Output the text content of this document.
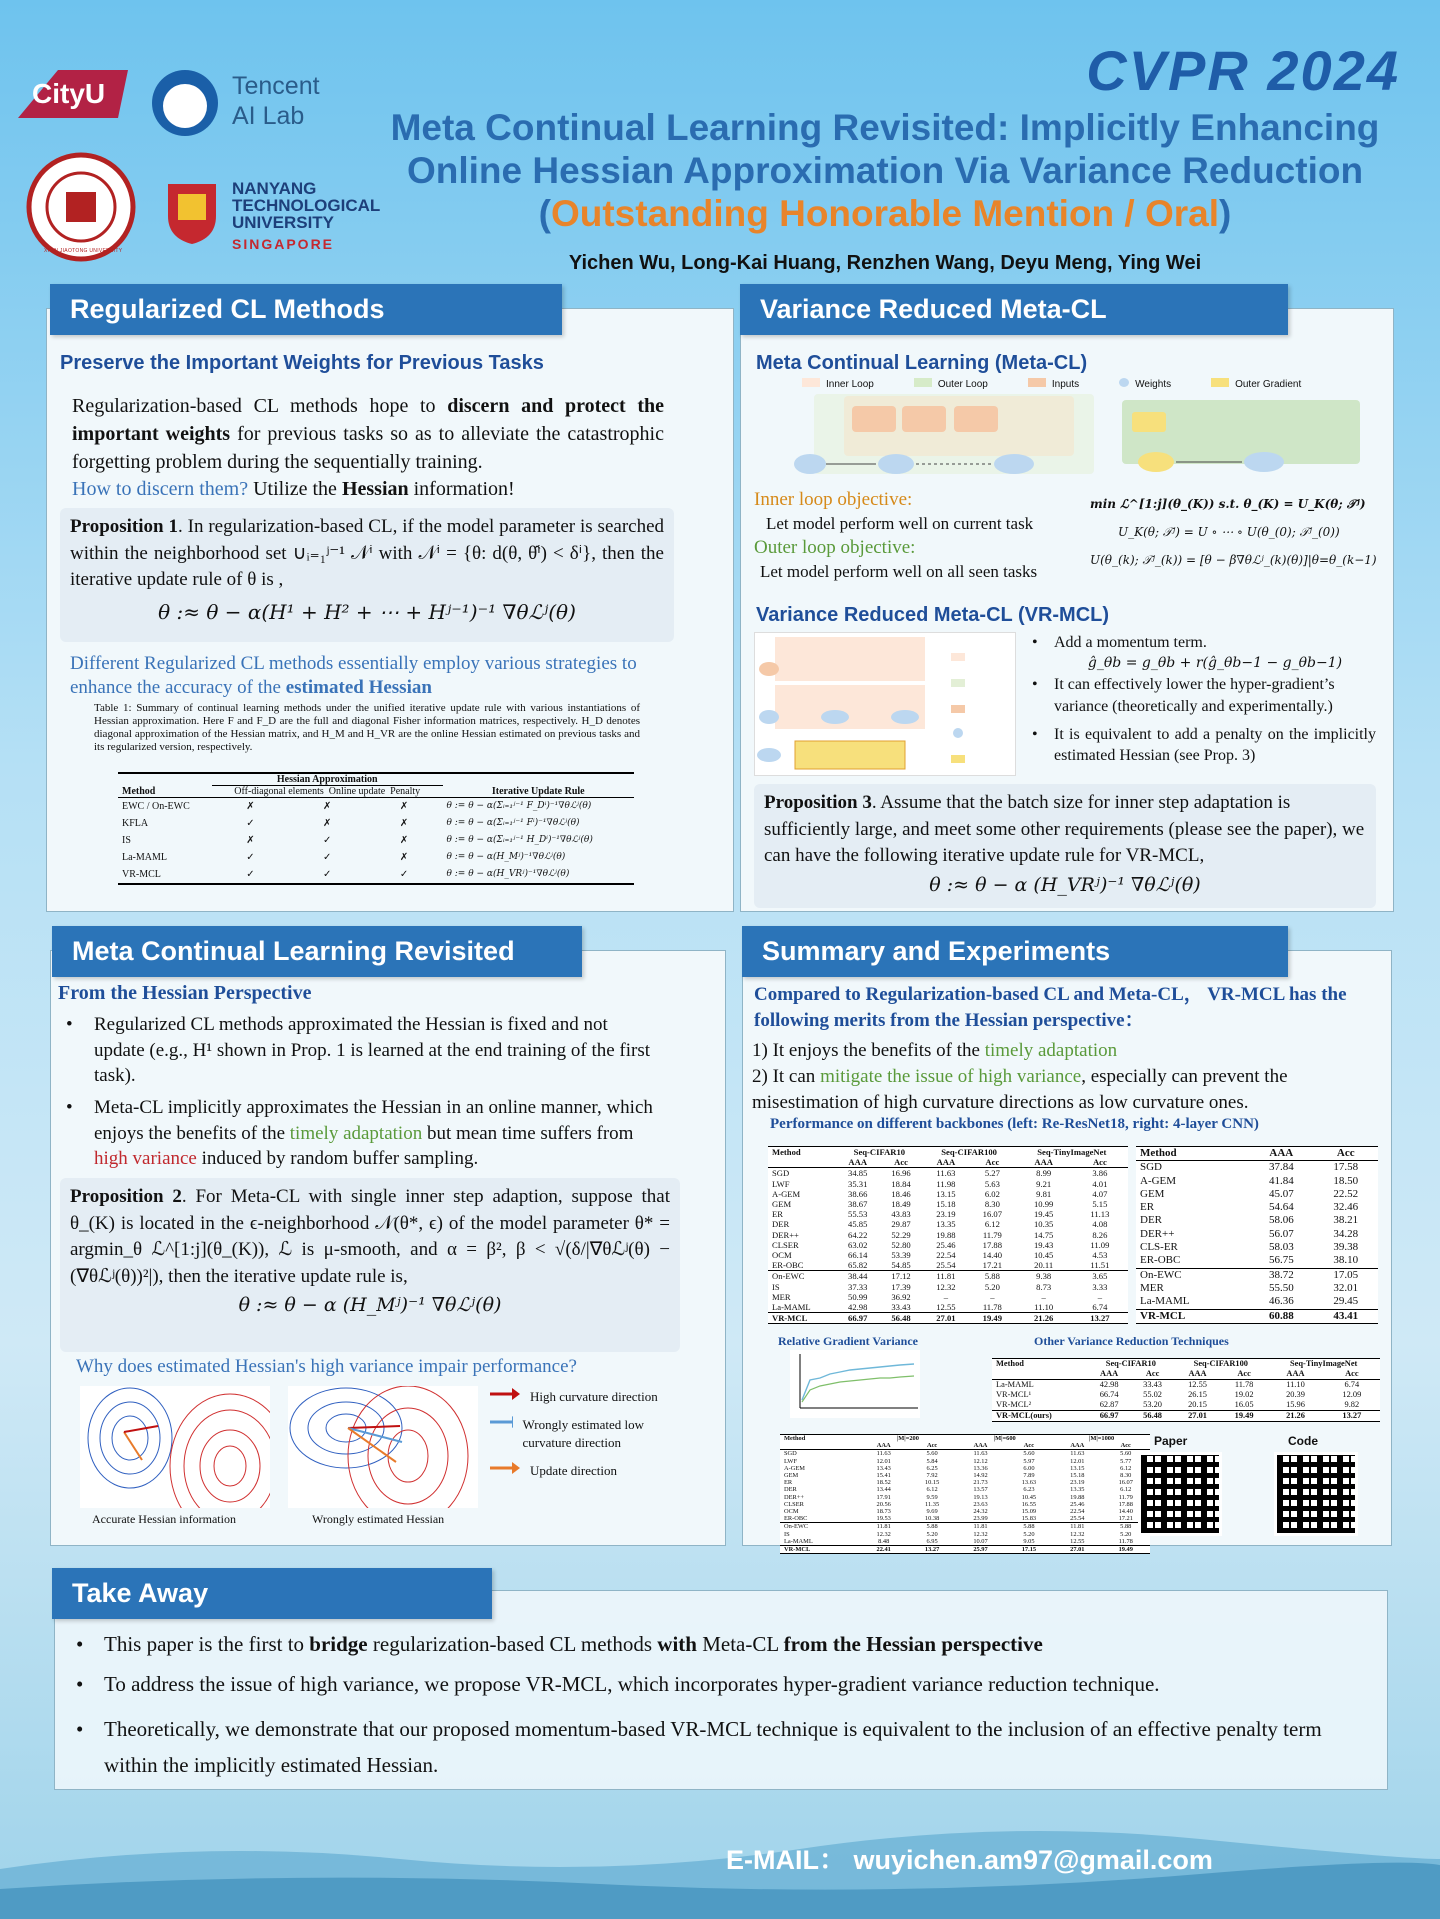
CityU	Tencent
AI Lab
XI'AN JIAOTONG UNIVERSITY
NANYANG
TECHNOLOGICAL
UNIVERSITY
SINGAPORE
CVPR 2024
Meta Continual Learning Revisited: Implicitly Enhancing
Online Hessian Approximation Via Variance Reduction
(Outstanding Honorable Mention / Oral)
Yichen Wu, Long-Kai Huang, Renzhen Wang, Deyu Meng, Ying Wei
Regularized CL Methods
Preserve the Important Weights for Previous Tasks
Regularization-based CL methods hope to discern and protect the important weights for previous tasks so as to alleviate the catastrophic forgetting problem during the sequentially training.
How to discern them? Utilize the Hessian information!
Proposition 1. In regularization-based CL, if the model parameter is searched within the neighborhood set ∪ᵢ₌₁ʲ⁻¹ 𝒩ⁱ with 𝒩ⁱ = {θ: d(θ, θ̂ⁱ) < δⁱ}, then the iterative update rule of θ is ,
θ :≈ θ − α(H¹ + H² + ⋯ + Hʲ⁻¹)⁻¹ ∇θℒʲ(θ)
Different Regularized CL methods essentially employ various strategies to enhance the accuracy of the estimated Hessian
Table 1: Summary of continual learning methods under the unified iterative update rule with various instantiations of Hessian approximation. Here F and F_D are the full and diagonal Fisher information matrices, respectively. H_D denotes diagonal approximation of the Hessian matrix, and H_M and H_VR are the online Hessian estimated on previous tasks and its regularized version, respectively.
Method	Hessian Approximation
Off-diagonal elements Online update Penalty			Iterative Update Rule
EWC / On-EWC	✗	✗	✗	θ := θ − α(Σᵢ₌₁ʲ⁻¹ F_Dⁱ)⁻¹∇θℒʲ(θ)
KFLA	✓	✗	✗	θ := θ − α(Σᵢ₌₁ʲ⁻¹ Fⁱ)⁻¹∇θℒʲ(θ)
IS	✗	✓	✗	θ := θ − α(Σᵢ₌₁ʲ⁻¹ H_Dⁱ)⁻¹∇θℒʲ(θ)
La-MAML	✓	✓	✗	θ := θ − α(H_Mʲ)⁻¹∇θℒʲ(θ)
VR-MCL	✓	✓	✓	θ := θ − α(H_VRʲ)⁻¹∇θℒʲ(θ)
Variance Reduced Meta-CL
Meta Continual Learning (Meta-CL)
Inner Loop	Outer Loop	Inputs	Weights	Outer Gradient
Inner loop objective:
Let model perform well on current task
Outer loop objective:
Let model perform well on all seen tasks
min ℒ^[1:j](θ_(K)) s.t. θ_(K) = U_K(θ; 𝒯ʲ)
U_K(θ; 𝒯ʲ) = U ∘ ⋯ ∘ U(θ_(0); 𝒯ʲ_(0))
U(θ_(k); 𝒯ʲ_(k)) = [θ − β∇θℒʲ_(k)(θ)]|θ=θ_(k−1)
Variance Reduced Meta-CL (VR-MCL)
• Add a momentum term.
ĝ_θb = g_θb + r(ĝ_θb−1 − g_θb−1)
• It can effectively lower the hyper-gradient’s variance (theoretically and experimentally.)
• It is equivalent to add a penalty on the implicitly estimated Hessian (see Prop. 3)
Proposition 3. Assume that the batch size for inner step adaptation is sufficiently large, and meet some other requirements (please see the paper), we can have the following iterative update rule for VR-MCL,
θ :≈ θ − α (H_VRʲ)⁻¹ ∇θℒʲ(θ)
Meta Continual Learning Revisited
From the Hessian Perspective
• Regularized CL methods approximated the Hessian is fixed and not update (e.g., H¹ shown in Prop. 1 is learned at the end training of the first task).
• Meta-CL implicitly approximates the Hessian in an online manner, which enjoys the benefits of the timely adaptation but mean time suffers from high variance induced by random buffer sampling.
Proposition 2. For Meta-CL with single inner step adaption, suppose that θ_(K) is located in the ϵ-neighborhood 𝒩(θ*, ϵ) of the model parameter θ* = argmin_θ ℒ^[1:j](θ_(K)), ℒ is μ-smooth, and α = β², β < √(δ/|∇θℒʲ(θ) − (∇θℒʲ(θ))²|), then the iterative update rule is,
θ :≈ θ − α (H_Mʲ)⁻¹ ∇θℒʲ(θ)
Why does estimated Hessian's high variance impair performance?
Accurate Hessian information	Wrongly estimated Hessian
High curvature direction
Wrongly estimated low curvature direction
Update direction
Summary and Experiments
Compared to Regularization-based CL and Meta-CL， VR-MCL has the following merits from the Hessian perspective：
1) It enjoys the benefits of the timely adaptation
2) It can mitigate the issue of high variance, especially can prevent the misestimation of high curvature directions as low curvature ones.
Performance on different backbones (left: Re-ResNet18, right: 4-layer CNN)
Method	Seq-CIFAR10		Seq-CIFAR100		Seq-TinyImageNet	
	AAA	Acc	AAA	Acc	AAA	Acc
SGD	34.85	16.96	11.63	5.27	8.99	3.86
LWF	35.31	18.84	11.98	5.63	9.21	4.01
A-GEM	38.66	18.46	13.15	6.02	9.81	4.07
GEM	38.67	18.49	15.18	8.30	10.99	5.15
ER	55.53	43.83	23.19	16.07	19.45	11.13
DER	45.85	29.87	13.35	6.12	10.35	4.08
DER++	64.22	52.29	19.88	11.79	14.75	8.26
CLSER	63.02	52.80	25.46	17.88	19.43	11.09
OCM	66.14	53.39	22.54	14.40	10.45	4.53
ER-OBC	65.82	54.85	25.54	17.21	20.11	11.51
On-EWC	38.44	17.12	11.81	5.88	9.38	3.65
IS	37.33	17.39	12.32	5.20	8.73	3.33
MER	50.99	36.92	–	–	–	–
La-MAML	42.98	33.43	12.55	11.78	11.10	6.74
VR-MCL	66.97	56.48	27.01	19.49	21.26	13.27
Method	AAA	Acc
SGD	37.84	17.58
A-GEM	41.84	18.50
GEM	45.07	22.52
ER	54.64	32.46
DER	58.06	38.21
DER++	56.07	34.28
CLS-ER	58.03	39.38
ER-OBC	56.75	38.10
On-EWC	38.72	17.05
MER	55.50	32.01
La-MAML	46.36	29.45
VR-MCL	60.88	43.41
Relative Gradient Variance	Other Variance Reduction Techniques
Method	Seq-CIFAR10		Seq-CIFAR100		Seq-TinyImageNet	
	AAA	Acc	AAA	Acc	AAA	Acc
La-MAML	42.98	33.43	12.55	11.78	11.10	6.74
VR-MCL¹	66.74	55.02	26.15	19.02	20.39	12.09
VR-MCL²	62.87	53.20	20.15	16.05	15.96	9.82
VR-MCL(ours)	66.97	56.48	27.01	19.49	21.26	13.27
Method	|M|=200		|M|=600		|M|=1000	
	AAA	Acc	AAA	Acc	AAA	Acc
SGD	11.63	5.60	11.63	5.60	11.63	5.60
LWF	12.01	5.84	12.12	5.97	12.01	5.77
A-GEM	13.43	6.25	13.36	6.00	13.15	6.12
GEM	15.41	7.92	14.92	7.89	15.18	8.30
ER	18.52	10.15	21.73	13.63	23.19	16.07
DER	13.44	6.12	13.57	6.23	13.35	6.12
DER++	17.91	9.59	19.13	10.45	19.88	11.79
CLSER	20.56	11.35	23.63	16.55	25.46	17.88
OCM	18.73	9.69	24.32	15.09	22.54	14.40
ER-OBC	19.53	10.38	23.99	15.83	25.54	17.21
On-EWC	11.81	5.88	11.81	5.88	11.81	5.88
IS	12.32	5.20	12.32	5.20	12.32	5.20
La-MAML	8.48	6.95	10.07	9.05	12.55	11.78
VR-MCL	22.41	13.27	25.97	17.15	27.01	19.49
Paper	Code
Take Away
• This paper is the first to bridge regularization-based CL methods with Meta-CL from the Hessian perspective
• To address the issue of high variance, we propose VR-MCL, which incorporates hyper-gradient variance reduction technique.
• Theoretically, we demonstrate that our proposed momentum-based VR-MCL technique is equivalent to the inclusion of an effective penalty term within the implicitly estimated Hessian.
E-MAIL： wuyichen.am97@gmail.com
